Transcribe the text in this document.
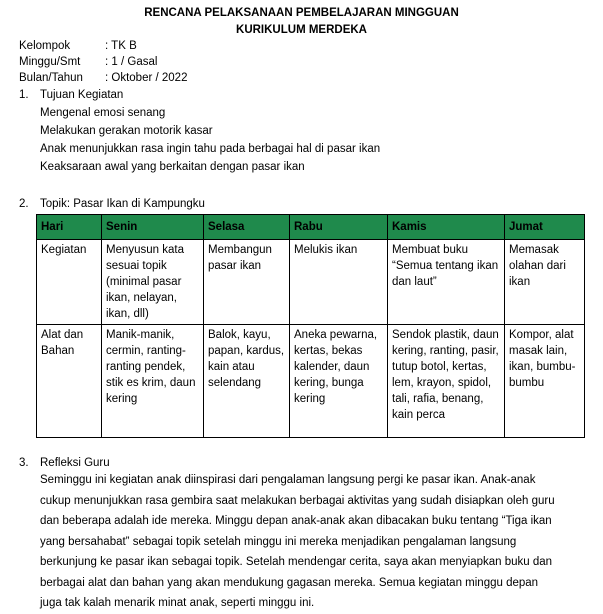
RENCANA PELAKSANAAN PEMBELAJARAN MINGGUAN
KURIKULUM MERDEKA
Kelompok	: TK B
Minggu/Smt : 1 / Gasal
Bulan/Tahun : Oktober / 2022
1. Tujuan Kegiatan
Mengenal emosi senang
Melakukan gerakan motorik kasar
Anak menunjukkan rasa ingin tahu pada berbagai hal di pasar ikan
Keaksaraan awal yang berkaitan dengan pasar ikan
2. Topik: Pasar Ikan di Kampungku
Hari	Senin	Selasa	Rabu	Kamis	Jumat
Kegiatan	Menyusun kata sesuai topik (minimal pasar ikan, nelayan, ikan, dll)	Membangun pasar ikan	Melukis ikan	Membuat buku “Semua tentang ikan dan laut”	Memasak olahan dari ikan
Alat dan Bahan	Manik-manik, cermin, ranting-ranting pendek, stik es krim, daun kering	Balok, kayu, papan, kardus, kain atau selendang	Aneka pewarna, kertas, bekas kalender, daun kering, bunga kering	Sendok plastik, daun kering, ranting, pasir, tutup botol, kertas, lem, krayon, spidol, tali, rafia, benang, kain perca	Kompor, alat masak lain, ikan, bumbu-bumbu
3. Refleksi Guru
Seminggu ini kegiatan anak diinspirasi dari pengalaman langsung pergi ke pasar ikan. Anak-anak
cukup menunjukkan rasa gembira saat melakukan berbagai aktivitas yang sudah disiapkan oleh guru
dan beberapa adalah ide mereka. Minggu depan anak-anak akan dibacakan buku tentang “Tiga ikan
yang bersahabat” sebagai topik setelah minggu ini mereka menjadikan pengalaman langsung
berkunjung ke pasar ikan sebagai topik. Setelah mendengar cerita, saya akan menyiapkan buku dan
berbagai alat dan bahan yang akan mendukung gagasan mereka. Semua kegiatan minggu depan
juga tak kalah menarik minat anak, seperti minggu ini.
